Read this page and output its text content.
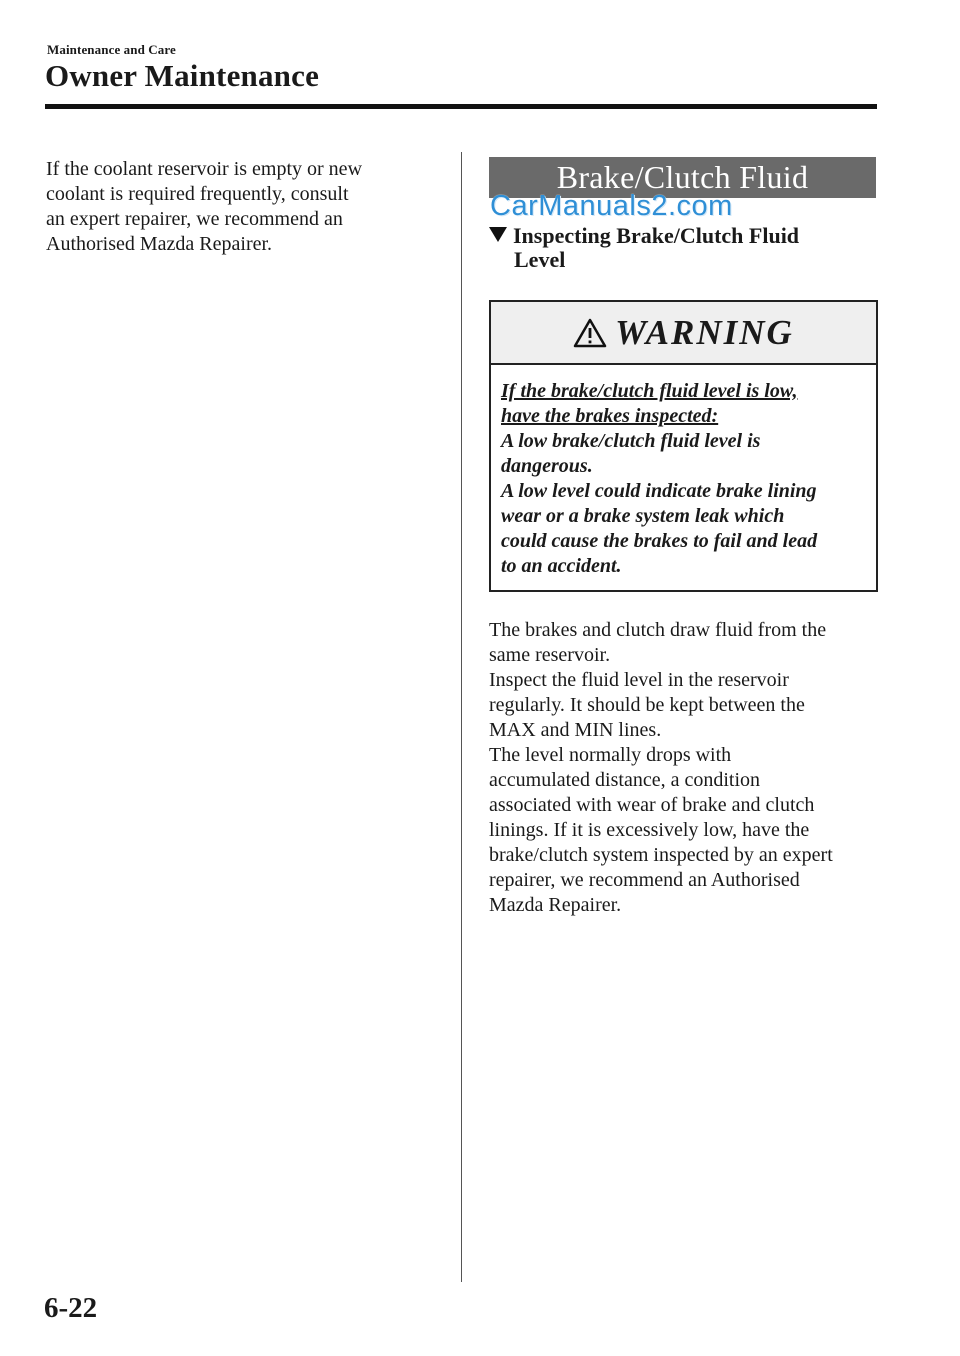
Maintenance and Care
Owner Maintenance

If the coolant reservoir is empty or new

coolant is required frequently, consult

an expert repairer, we recommend an

Authorised Mazda Repairer.

Brake/Clutch Fluid
CarManuals2.com
Inspecting Brake/Clutch Fluid
Level
WARNING
If the brake/clutch fluid level is low,
have the brakes inspected:
A low brake/clutch fluid level is
dangerous.
A low level could indicate brake lining
wear or a brake system leak which
could cause the brakes to fail and lead
to an accident.

The brakes and clutch draw fluid from the

same reservoir.

Inspect the fluid level in the reservoir

regularly. It should be kept between the

MAX and MIN lines.

The level normally drops with

accumulated distance, a condition

associated with wear of brake and clutch

linings. If it is excessively low, have the

brake/clutch system inspected by an expert

repairer, we recommend an Authorised

Mazda Repairer.

6-22
